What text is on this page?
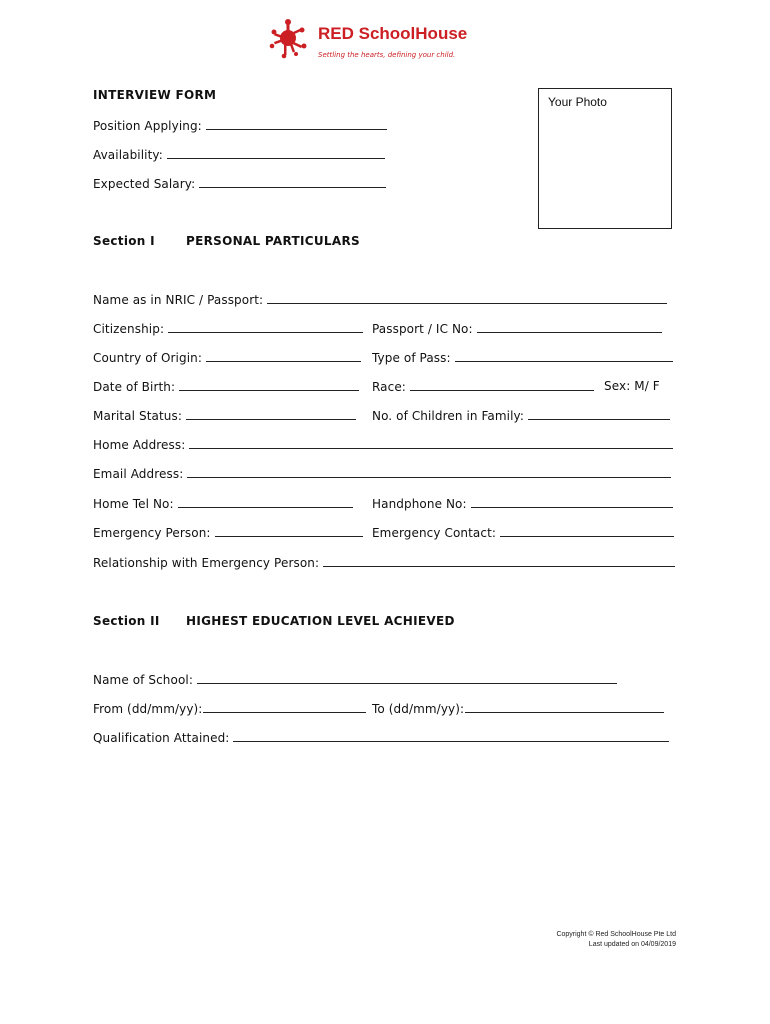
RED SchoolHouse
Settling the hearts, defining your child.
Your Photo
INTERVIEW FORM
Position Applying:
Availability:
Expected Salary:
Section I	PERSONAL PARTICULARS
Name as in NRIC / Passport:
Citizenship:	Passport / IC No:
Country of Origin:	Type of Pass:
Date of Birth:	Race:	Sex: M/ F
Marital Status:	No. of Children in Family:
Home Address:
Email Address:
Home Tel No:	Handphone No:
Emergency Person:	Emergency Contact:
Relationship with Emergency Person:
Section II HIGHEST EDUCATION LEVEL ACHIEVED
Name of School:
From (dd/mm/yy):	To (dd/mm/yy):
Qualification Attained:
Copyright © Red SchoolHouse Pte Ltd
Last updated on 04/09/2019
